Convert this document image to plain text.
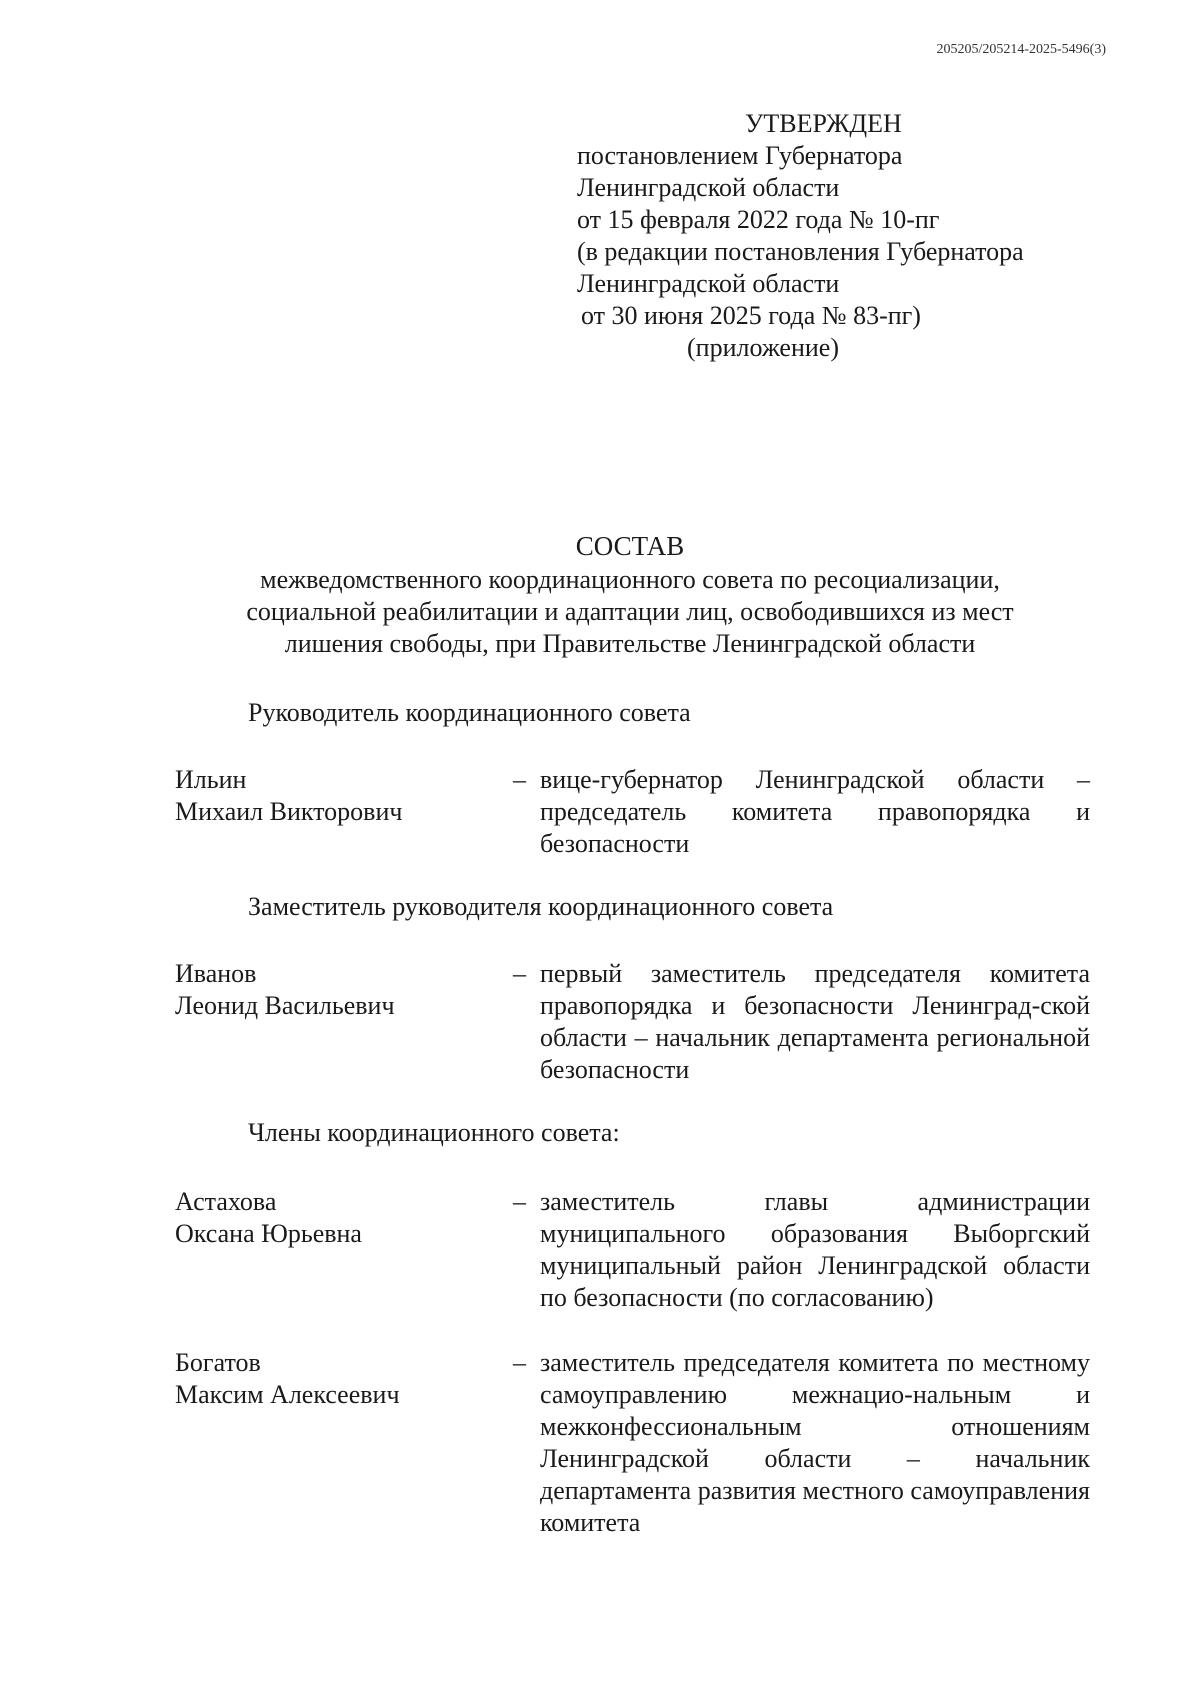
205205/205214-2025-5496(3)
УТВЕРЖДЕН
постановлением Губернатора
Ленинградской области
от 15 февраля 2022 года № 10-пг
(в редакции постановления Губернатора
Ленинградской области
от 30 июня 2025 года № 83-пг)
(приложение)
СОСТАВ
межведомственного координационного совета по ресоциализации,
социальной реабилитации и адаптации лиц, освободившихся из мест
лишения свободы, при Правительстве Ленинградской области
Руководитель координационного совета
Ильин
Михаил Викторович
– вице-губернатор Ленинградской области – председатель комитета правопорядка и безопасности
Заместитель руководителя координационного совета
Иванов
Леонид Васильевич
– первый заместитель председателя комитета правопорядка и безопасности Ленинград-ской области – начальник департамента региональной безопасности
Члены координационного совета:
Астахова
Оксана Юрьевна
– заместитель главы администрации муниципального образования Выборгский муниципальный район Ленинградской области по безопасности (по согласованию)
Богатов
Максим Алексеевич
– заместитель председателя комитета по местному самоуправлению межнацио-нальным и межконфессиональным отношениям Ленинградской области – начальник департамента развития местного самоуправления комитета
